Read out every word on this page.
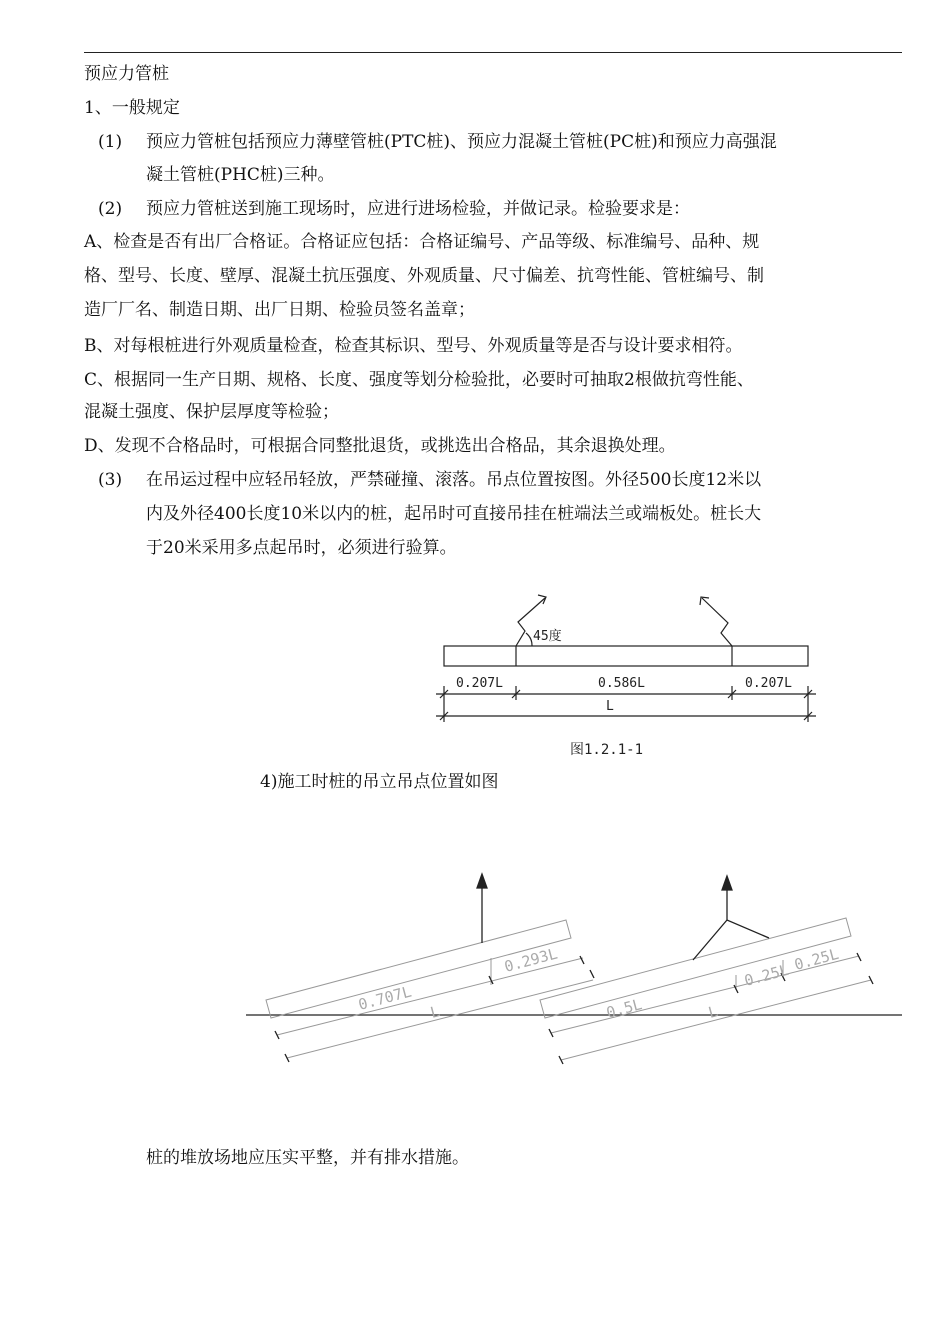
预应力管桩
1、一般规定
(1) 预应力管桩包括预应力薄壁管桩(PTC桩)、预应力混凝土管桩(PC桩)和预应力高强混
凝土管桩(PHC桩)三种。
(2) 预应力管桩送到施工现场时，应进行进场检验，并做记录。检验要求是：
A、检查是否有出厂合格证。合格证应包括：合格证编号、产品等级、标准编号、品种、规
格、型号、长度、壁厚、混凝土抗压强度、外观质量、尺寸偏差、抗弯性能、管桩编号、制
造厂厂名、制造日期、出厂日期、检验员签名盖章；
B、对每根桩进行外观质量检查，检查其标识、型号、外观质量等是否与设计要求相符。
C、根据同一生产日期、规格、长度、强度等划分检验批，必要时可抽取2根做抗弯性能、
混凝土强度、保护层厚度等检验；
D、发现不合格品时，可根据合同整批退货，或挑选出合格品，其余退换处理。
(3) 在吊运过程中应轻吊轻放，严禁碰撞、滚落。吊点位置按图。外径500长度12米以
内及外径400长度10米以内的桩，起吊时可直接吊挂在桩端法兰或端板处。桩长大
于20米采用多点起吊时，必须进行验算。
45度
0.207L	0.586L	0.207L
L
图1.2.1-1
4)施工时桩的吊立吊点位置如图
0.707L
0.293L
L	0.5L
0.25L
0.25L
L
桩的堆放场地应压实平整，并有排水措施。
